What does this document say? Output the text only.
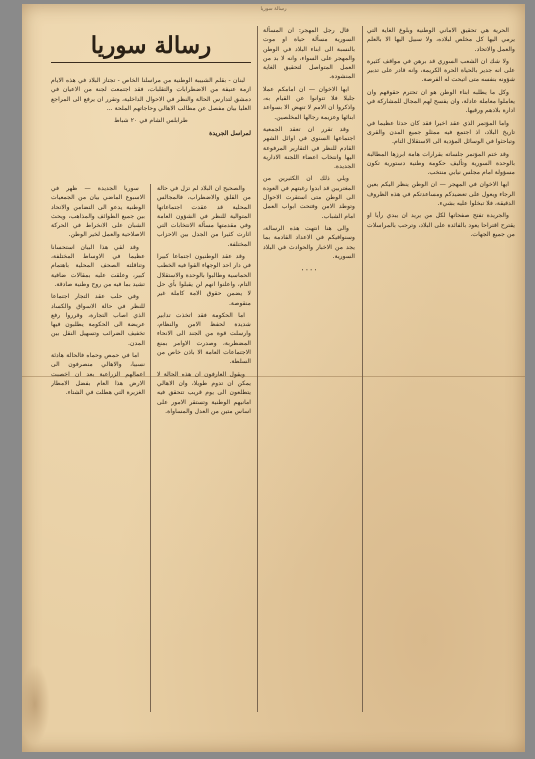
رسالة سوريا

الحرية هي تحقيق الاماني الوطنية وبلوغ الغاية التي يرمي اليها كل مخلص لبلاده، ولا سبيل اليها الا بالعلم والعمل والاتحاد.

ولا شك ان الشعب السوري قد برهن في مواقف كثيرة على انه جدير بالحياة الحرة الكريمة، وانه قادر على تدبير شؤونه بنفسه متى اتيحت له الفرصة.

وكل ما يطلبه ابناء الوطن هو ان تحترم حقوقهم وان يعاملوا معاملة عادلة، وان يفسح لهم المجال للمشاركة في ادارة بلادهم ورقيها.

واما المؤتمر الذي عقد اخيرا فقد كان حدثا عظيما في تاريخ البلاد، اذ اجتمع فيه ممثلو جميع المدن والقرى وتباحثوا في الوسائل المؤدية الى الاستقلال التام.

وقد ختم المؤتمر جلساته بقرارات هامة ابرزها المطالبة بالوحدة السورية وتأليف حكومة وطنية دستورية تكون مسؤولة امام مجلس نيابي منتخب.

ايها الاخوان في المهجر — ان الوطن ينظر اليكم بعين الرجاء ويعول على تعضيدكم ومساعدتكم في هذه الظروف الدقيقة، فلا تبخلوا عليه بشيء.

والجريدة تفتح صفحاتها لكل من يريد ان يبدي رأيا او يقترح اقتراحا يعود بالفائدة على البلاد، وترحب بالمراسلات من جميع الجهات.

قال رجل المهجر: ان المسألة السورية مسألة حياة او موت بالنسبة الى ابناء البلاد في الوطن والمهجر على السواء، وانه لا بد من العمل المتواصل لتحقيق الغاية المنشودة.

ايها الاخوان — ان امامكم عملا جليلا فلا تتوانوا عن القيام به، واذكروا ان الامم لا تنهض الا بسواعد ابنائها وعزيمة رجالها المخلصين.

وقد تقرر ان تعقد الجمعية اجتماعها السنوي في اوائل الشهر القادم للنظر في التقارير المرفوعة اليها وانتخاب اعضاء اللجنة الادارية الجديدة.

ويلي ذلك ان الكثيرين من المغتربين قد ابدوا رغبتهم في العودة الى الوطن متى استقرت الاحوال وتوطد الامن وفتحت ابواب العمل امام الشباب.

والى هنا انتهت هذه الرسالة، وسنوافيكم في الاعداد القادمة بما يجد من الاخبار والحوادث في البلاد السورية.

٠٠٠٠
رسالة سوريا

لبنان - بقلم الشبيبة الوطنية من مراسلنا الخاص - تجتاز البلاد في هذه الايام ازمة عنيفة من الاضطرابات والتقلبات، فقد اجتمعت لجنة من الاعيان في دمشق لتدارس الحالة والنظر في الاحوال الداخلية، وتقرر ان يرفع الى المراجع العليا بيان مفصل عن مطالب الاهالي وحاجاتهم الملحة ...

طرابلس الشام في ٢٠ شباط
لمراسل الجريدة

والصحيح ان البلاد لم تزل في حالة من القلق والاضطراب، فالمجالس المحلية قد عقدت اجتماعاتها المتوالية للنظر في الشؤون العامة وفي مقدمتها مسألة الانتخابات التي اثارت كثيرا من الجدل بين الاحزاب المختلفة.

وقد عقد الوطنيون اجتماعا كبيرا في دار احد الوجهاء القوا فيه الخطب الحماسية وطالبوا بالوحدة والاستقلال التام، واعلنوا انهم لن يقبلوا بأي حل لا يضمن حقوق الامة كاملة غير منقوصة.

اما الحكومة فقد اتخذت تدابير شديدة لحفظ الامن والنظام، وارسلت قوة من الجند الى الانحاء المضطربة، وصدرت الاوامر بمنع الاجتماعات العامة الا باذن خاص من السلطة.

ويقول العارفون ان هذه الحالة لا يمكن ان تدوم طويلا، وان الاهالي يتطلعون الى يوم قريب تتحقق فيه امانيهم الوطنية وتستقر الامور على اساس متين من العدل والمساواة.

سوريا الجديدة — ظهر في الاسبوع الماضي بيان من الجمعيات الوطنية يدعو الى التضامن والاتحاد بين جميع الطوائف والمذاهب، ويحث الشبان على الانخراط في الحركة الاصلاحية والعمل لخير الوطن.

وقد لقي هذا البيان استحسانا عظيما في الاوساط المختلفة، وتناقلته الصحف المحلية باهتمام كبير، وعلقت عليه بمقالات ضافية تشيد بما فيه من روح وطنية صادقة.

وفي حلب عقد التجار اجتماعا للنظر في حالة الاسواق والكساد الذي اصاب التجارة، وقرروا رفع عريضة الى الحكومة يطلبون فيها تخفيف الضرائب وتسهيل النقل بين المدن.

اما في حمص وحماه فالحالة هادئة نسبيا، والاهالي منصرفون الى اعمالهم الزراعية بعد ان اخصبت الارض هذا العام بفضل الامطار الغزيرة التي هطلت في الشتاء.
